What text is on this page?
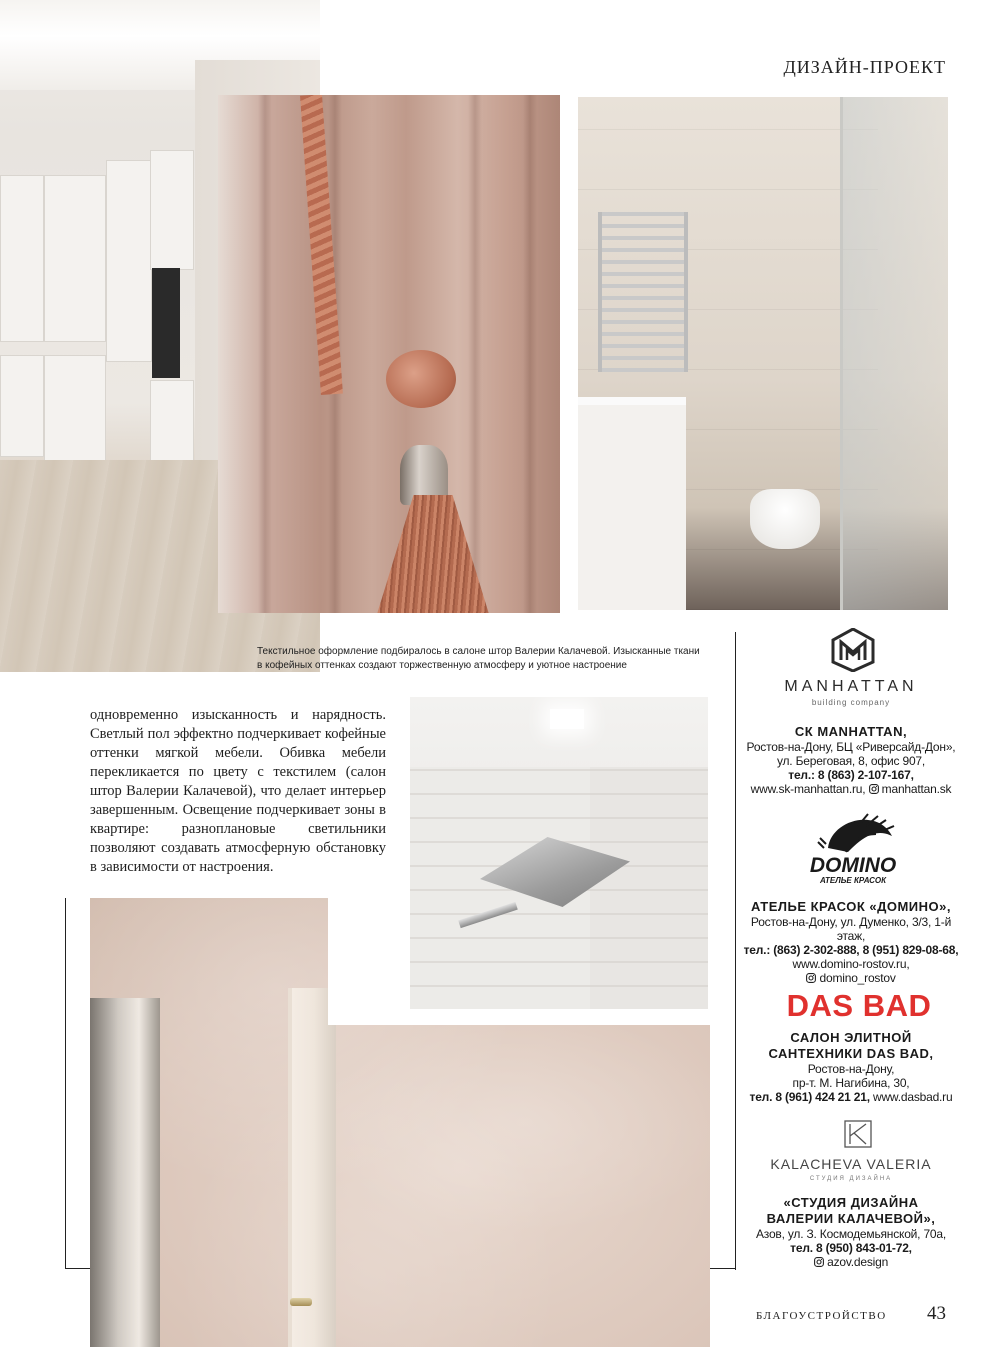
ДИЗАЙН-ПРОЕКТ
Текстильное оформление подбиралось в салоне штор Валерии Калачевой. Изысканные ткани в кофейных оттенках создают торжественную атмосферу и уютное настроение
одновременно изысканность и нарядность. Светлый пол эффектно подчеркивает кофейные оттенки мягкой мебели. Обивка мебели перекликается по цвету с текстилем (салон штор Валерии Калачевой), что делает интерьер завершенным. Освещение подчеркивает зоны в квартире: разноплановые светильники позволяют создавать атмосферную обстановку в зависимости от настроения.
MANHATTAN
building company
СК MANHATTAN,
Ростов-на-Дону, БЦ «Риверсайд-Дон»,
ул. Береговая, 8, офис 907,
тел.: 8 (863) 2-107-167,
www.sk-manhattan.ru, manhattan.sk
DOMINO
АТЕЛЬЕ КРАСОК
АТЕЛЬЕ КРАСОК «ДОМИНО»,
Ростов-на-Дону, ул. Думенко, 3/3, 1-й этаж,
тел.: (863) 2-302-888, 8 (951) 829-08-68,
www.domino-rostov.ru,
domino_rostov
DAS BAD
САЛОН ЭЛИТНОЙ
САНТЕХНИКИ DAS BAD,
Ростов-на-Дону,
пр-т. М. Нагибина, 30,
тел. 8 (961) 424 21 21, www.dasbad.ru
KALACHEVA VALERIA
СТУДИЯ ДИЗАЙНА
«СТУДИЯ ДИЗАЙНА
ВАЛЕРИИ КАЛАЧЕВОЙ»,
Азов, ул. З. Космодемьянской, 70а,
тел. 8 (950) 843-01-72,
azov.design
БЛАГОУСТРОЙСТВО 43
